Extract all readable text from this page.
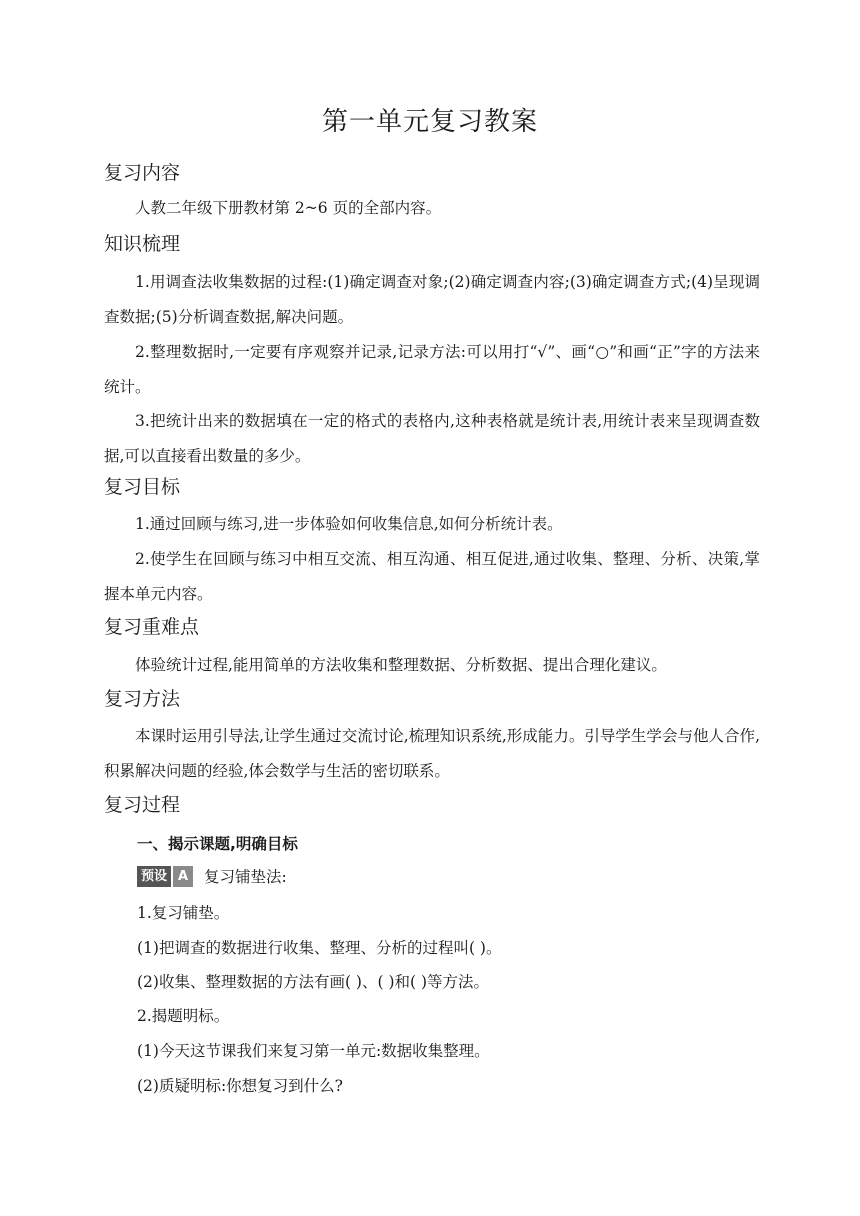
第一单元复习教案
复习内容
人教二年级下册教材第 2~6 页的全部内容。
知识梳理
1.用调查法收集数据的过程:(1)确定调查对象;(2)确定调查内容;(3)确定调查方式;(4)呈现调查数据;(5)分析调查数据,解决问题。
2.整理数据时,一定要有序观察并记录,记录方法:可以用打“√”、画“○”和画“正”字的方法来统计。
3.把统计出来的数据填在一定的格式的表格内,这种表格就是统计表,用统计表来呈现调查数据,可以直接看出数量的多少。
复习目标
1.通过回顾与练习,进一步体验如何收集信息,如何分析统计表。
2.使学生在回顾与练习中相互交流、相互沟通、相互促进,通过收集、整理、分析、决策,掌握本单元内容。
复习重难点
体验统计过程,能用简单的方法收集和整理数据、分析数据、提出合理化建议。
复习方法
本课时运用引导法,让学生通过交流讨论,梳理知识系统,形成能力。引导学生学会与他人合作,积累解决问题的经验,体会数学与生活的密切联系。
复习过程
一、揭示课题,明确目标
预设 A	复习铺垫法:
1.复习铺垫。
(1)把调查的数据进行收集、整理、分析的过程叫( )。
(2)收集、整理数据的方法有画( )、( )和( )等方法。
2.揭题明标。
(1)今天这节课我们来复习第一单元:数据收集整理。
(2)质疑明标:你想复习到什么?
